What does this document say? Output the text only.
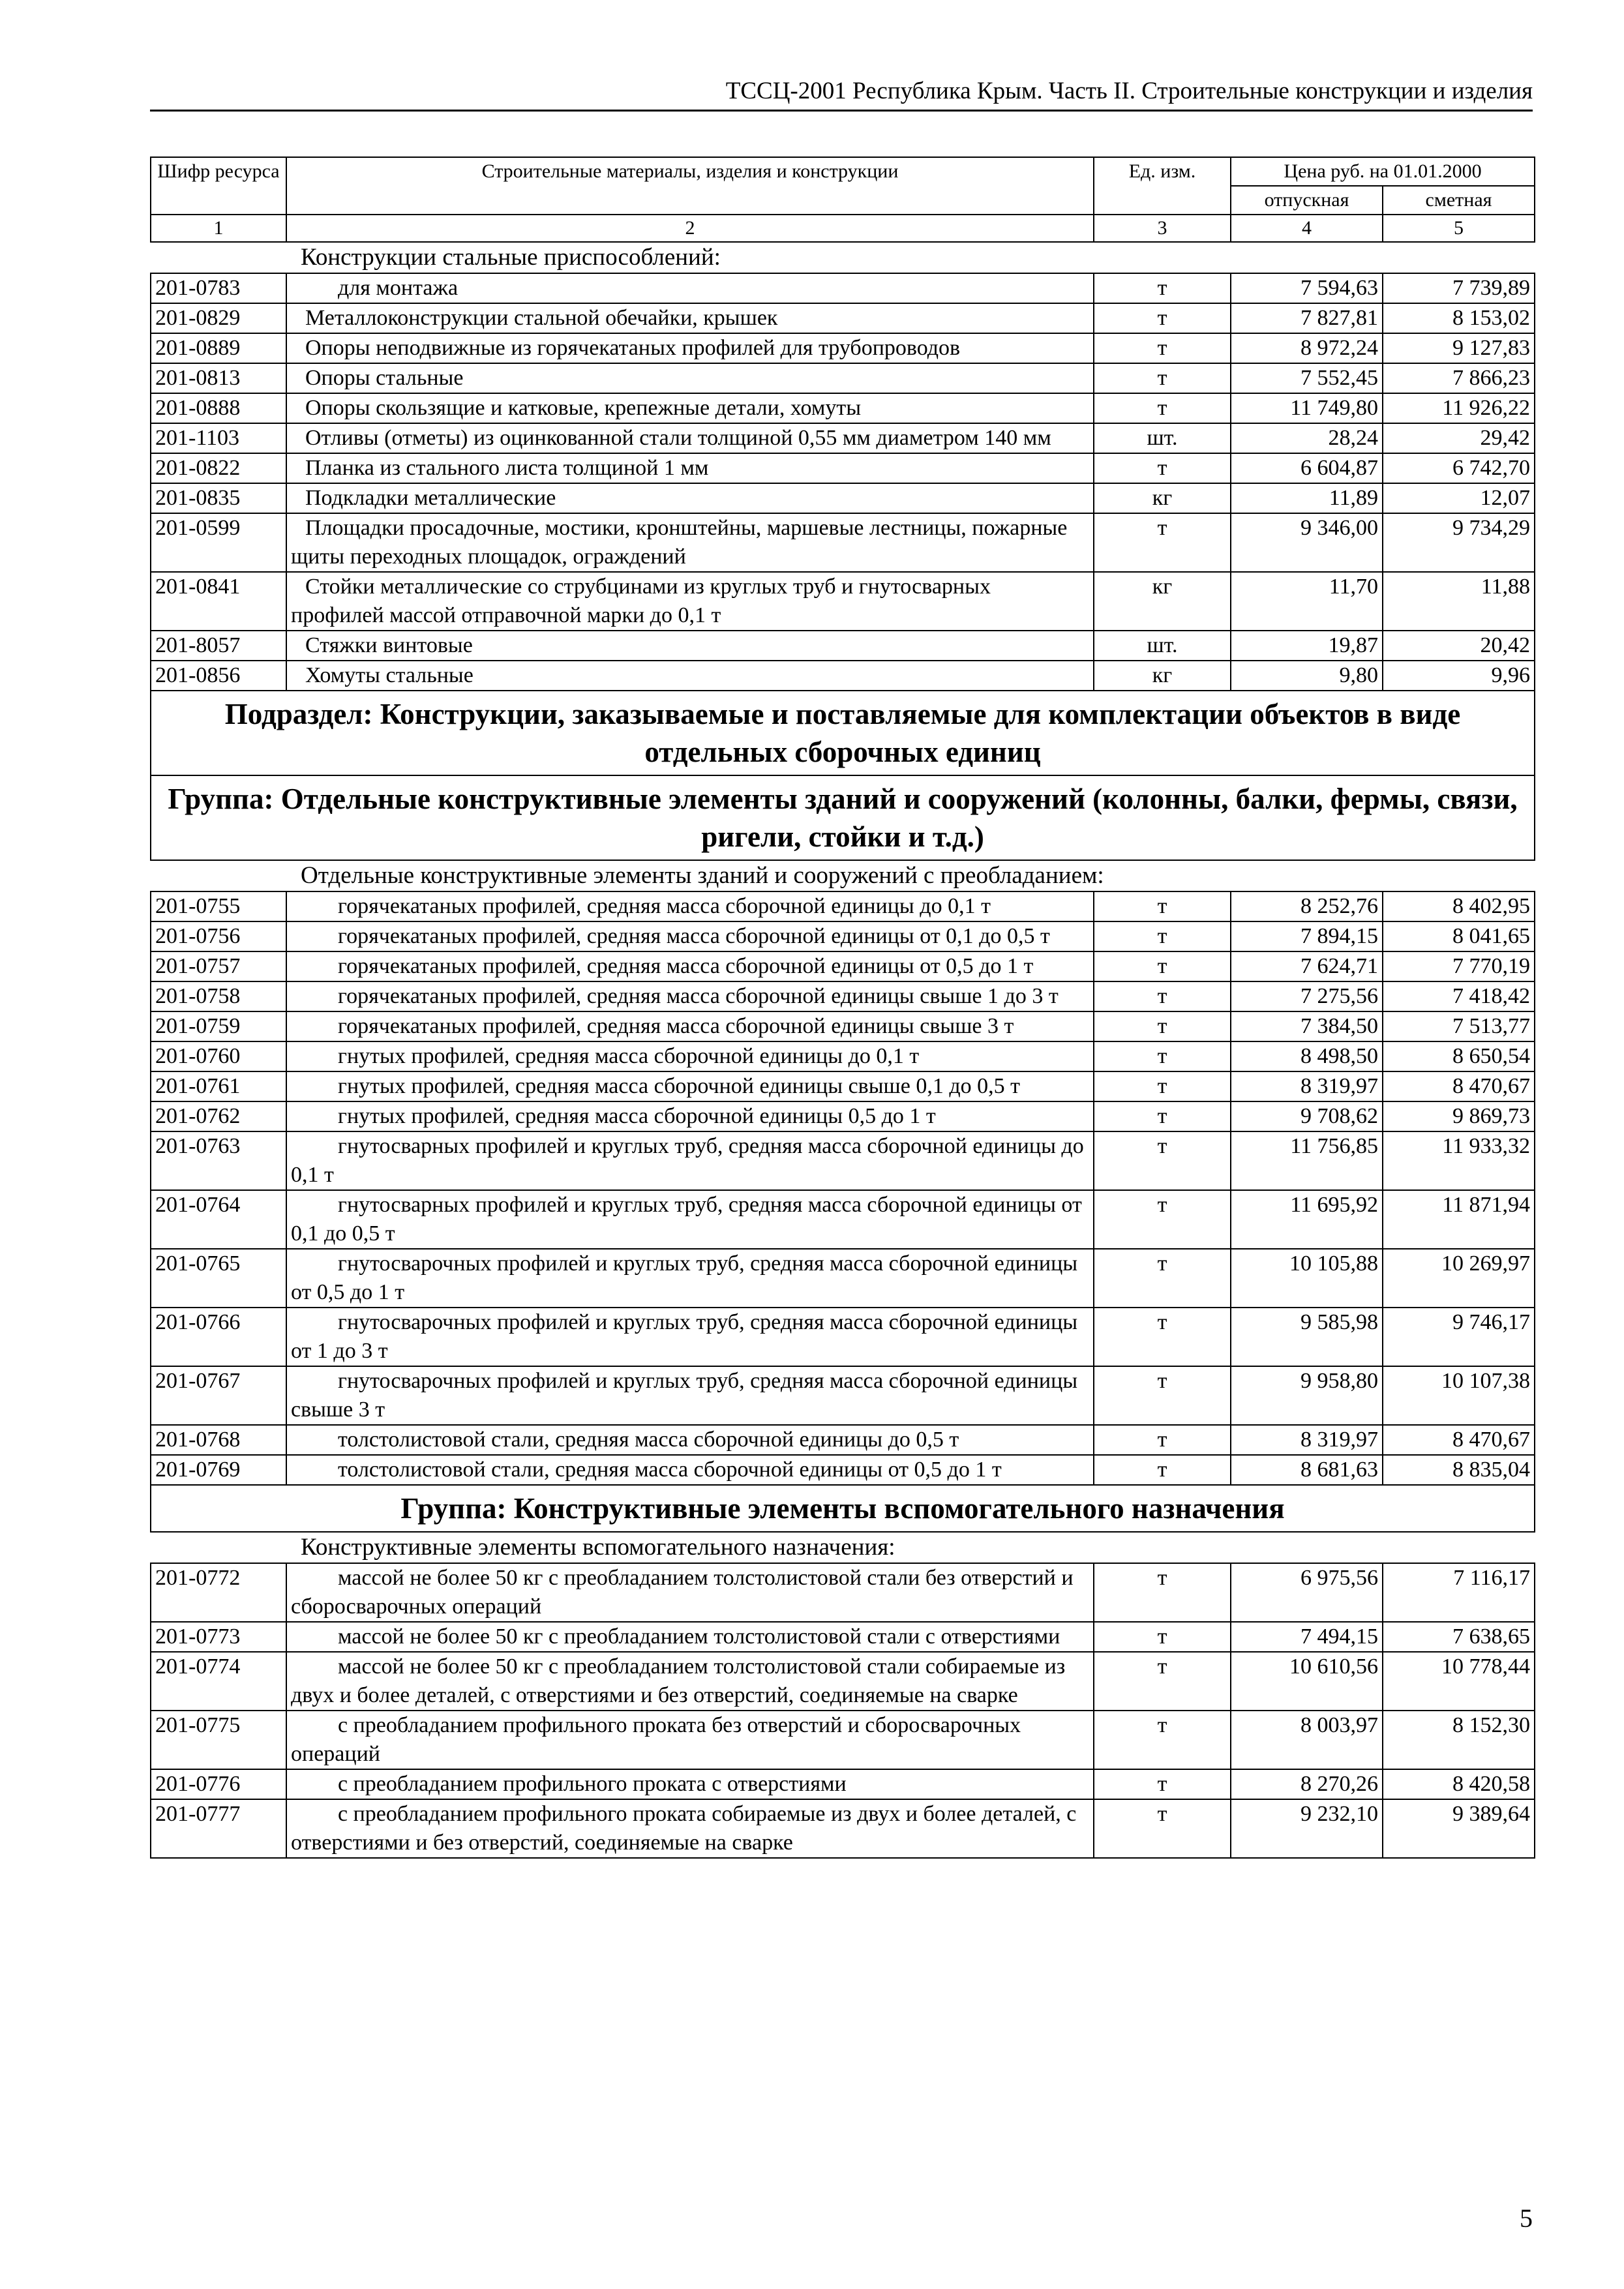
ТССЦ-2001 Республика Крым. Часть II. Строительные конструкции и изделия
Шифр ресурса	Строительные материалы, изделия и конструкции	Ед. изм.	Цена руб. на 01.01.2000	
			отпускная	сметная
1	2	3	4	5
Конструкции стальные приспособлений:				
201-0783	для монтажа	т	7 594,63	7 739,89
201-0829	Металлоконструкции стальной обечайки, крышек	т	7 827,81	8 153,02
201-0889	Опоры неподвижные из горячекатаных профилей для трубопроводов	т	8 972,24	9 127,83
201-0813	Опоры стальные	т	7 552,45	7 866,23
201-0888	Опоры скользящие и катковые, крепежные детали, хомуты	т	11 749,80	11 926,22
201-1103	Отливы (отметы) из оцинкованной стали толщиной 0,55 мм диаметром 140 мм	шт.	28,24	29,42
201-0822	Планка из стального листа толщиной 1 мм	т	6 604,87	6 742,70
201-0835	Подкладки металлические	кг	11,89	12,07
201-0599	Площадки просадочные, мостики, кронштейны, маршевые лестницы, пожарные щиты переходных площадок, ограждений	т	9 346,00	9 734,29
201-0841	Стойки металлические со струбцинами из круглых труб и гнутосварных профилей массой отправочной марки до 0,1 т	кг	11,70	11,88
201-8057	Стяжки винтовые	шт.	19,87	20,42
201-0856	Хомуты стальные	кг	9,80	9,96
Подраздел: Конструкции, заказываемые и поставляемые для комплектации объектов в виде отдельных сборочных единиц				
Группа: Отдельные конструктивные элементы зданий и сооружений (колонны, балки, фермы, связи, ригели, стойки и т.д.)				
Отдельные конструктивные элементы зданий и сооружений с преобладанием:				
201-0755	горячекатаных профилей, средняя масса сборочной единицы до 0,1 т	т	8 252,76	8 402,95
201-0756	горячекатаных профилей, средняя масса сборочной единицы от 0,1 до 0,5 т	т	7 894,15	8 041,65
201-0757	горячекатаных профилей, средняя масса сборочной единицы от 0,5 до 1 т	т	7 624,71	7 770,19
201-0758	горячекатаных профилей, средняя масса сборочной единицы свыше 1 до 3 т	т	7 275,56	7 418,42
201-0759	горячекатаных профилей, средняя масса сборочной единицы свыше 3 т	т	7 384,50	7 513,77
201-0760	гнутых профилей, средняя масса сборочной единицы до 0,1 т	т	8 498,50	8 650,54
201-0761	гнутых профилей, средняя масса сборочной единицы свыше 0,1 до 0,5 т	т	8 319,97	8 470,67
201-0762	гнутых профилей, средняя масса сборочной единицы 0,5 до 1 т	т	9 708,62	9 869,73
201-0763	гнутосварных профилей и круглых труб, средняя масса сборочной единицы до 0,1 т	т	11 756,85	11 933,32
201-0764	гнутосварных профилей и круглых труб, средняя масса сборочной единицы от 0,1 до 0,5 т	т	11 695,92	11 871,94
201-0765	гнутосварочных профилей и круглых труб, средняя масса сборочной единицы от 0,5 до 1 т	т	10 105,88	10 269,97
201-0766	гнутосварочных профилей и круглых труб, средняя масса сборочной единицы от 1 до 3 т	т	9 585,98	9 746,17
201-0767	гнутосварочных профилей и круглых труб, средняя масса сборочной единицы свыше 3 т	т	9 958,80	10 107,38
201-0768	толстолистовой стали, средняя масса сборочной единицы до 0,5 т	т	8 319,97	8 470,67
201-0769	толстолистовой стали, средняя масса сборочной единицы от 0,5 до 1 т	т	8 681,63	8 835,04
Группа: Конструктивные элементы вспомогательного назначения				
Конструктивные элементы вспомогательного назначения:				
201-0772	массой не более 50 кг с преобладанием толстолистовой стали без отверстий и сборосварочных операций	т	6 975,56	7 116,17
201-0773	массой не более 50 кг с преобладанием толстолистовой стали с отверстиями	т	7 494,15	7 638,65
201-0774	массой не более 50 кг с преобладанием толстолистовой стали собираемые из двух и более деталей, с отверстиями и без отверстий, соединяемые на сварке	т	10 610,56	10 778,44
201-0775	с преобладанием профильного проката без отверстий и сборосварочных операций	т	8 003,97	8 152,30
201-0776	с преобладанием профильного проката с отверстиями	т	8 270,26	8 420,58
201-0777	с преобладанием профильного проката собираемые из двух и более деталей, с отверстиями и без отверстий, соединяемые на сварке	т	9 232,10	9 389,64
5
